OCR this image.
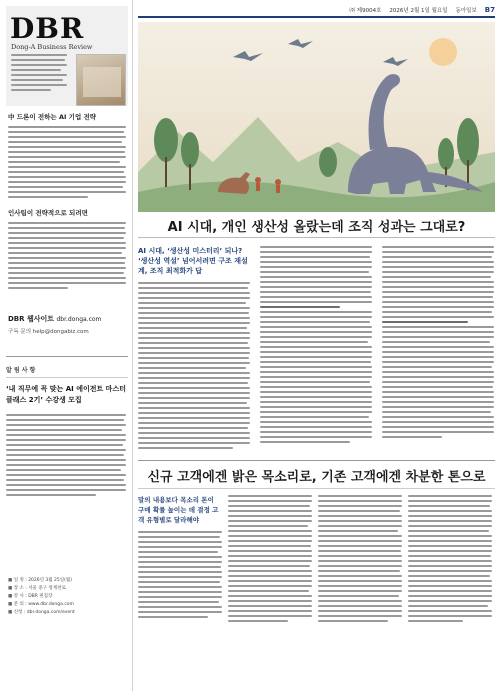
DBR
Dong-A Business Review
中 드론이 전하는 AI 기업 전략
인사팀이 전략적으로 되려면
DBR 웹사이트 dbr.donga.com
구독 문의 help@dongabiz.com
알 림 사 항
‘내 직무에 꼭 맞는 AI 에이전트 마스터 클래스 2기’ 수강생 모집
■ 일 정 : 2026년 3월 25일(월)
■ 장 소 : 서울 중구 청계천로
■ 강 사 : DBR 편집장
■ 문 의 : www.dbr.donga.com
■ 신청 : dbr.donga.com/event
㈜ 제9004호 2026년 2월 1일 월요일 동아일보 B7
AI 시대, 개인 생산성 올랐는데 조직 성과는 그대로?
AI 시대, ‘생산성 미스터리’ 되나? ‘생산성 역설’ 넘어서려면 구조 재설계, 조직 최적화가 답
신규 고객에겐 밝은 목소리로, 기존 고객에겐 차분한 톤으로
말의 내용보다 목소리 톤이 구매 확률 높이는 데 결정 고객 유형별로 달라해야
